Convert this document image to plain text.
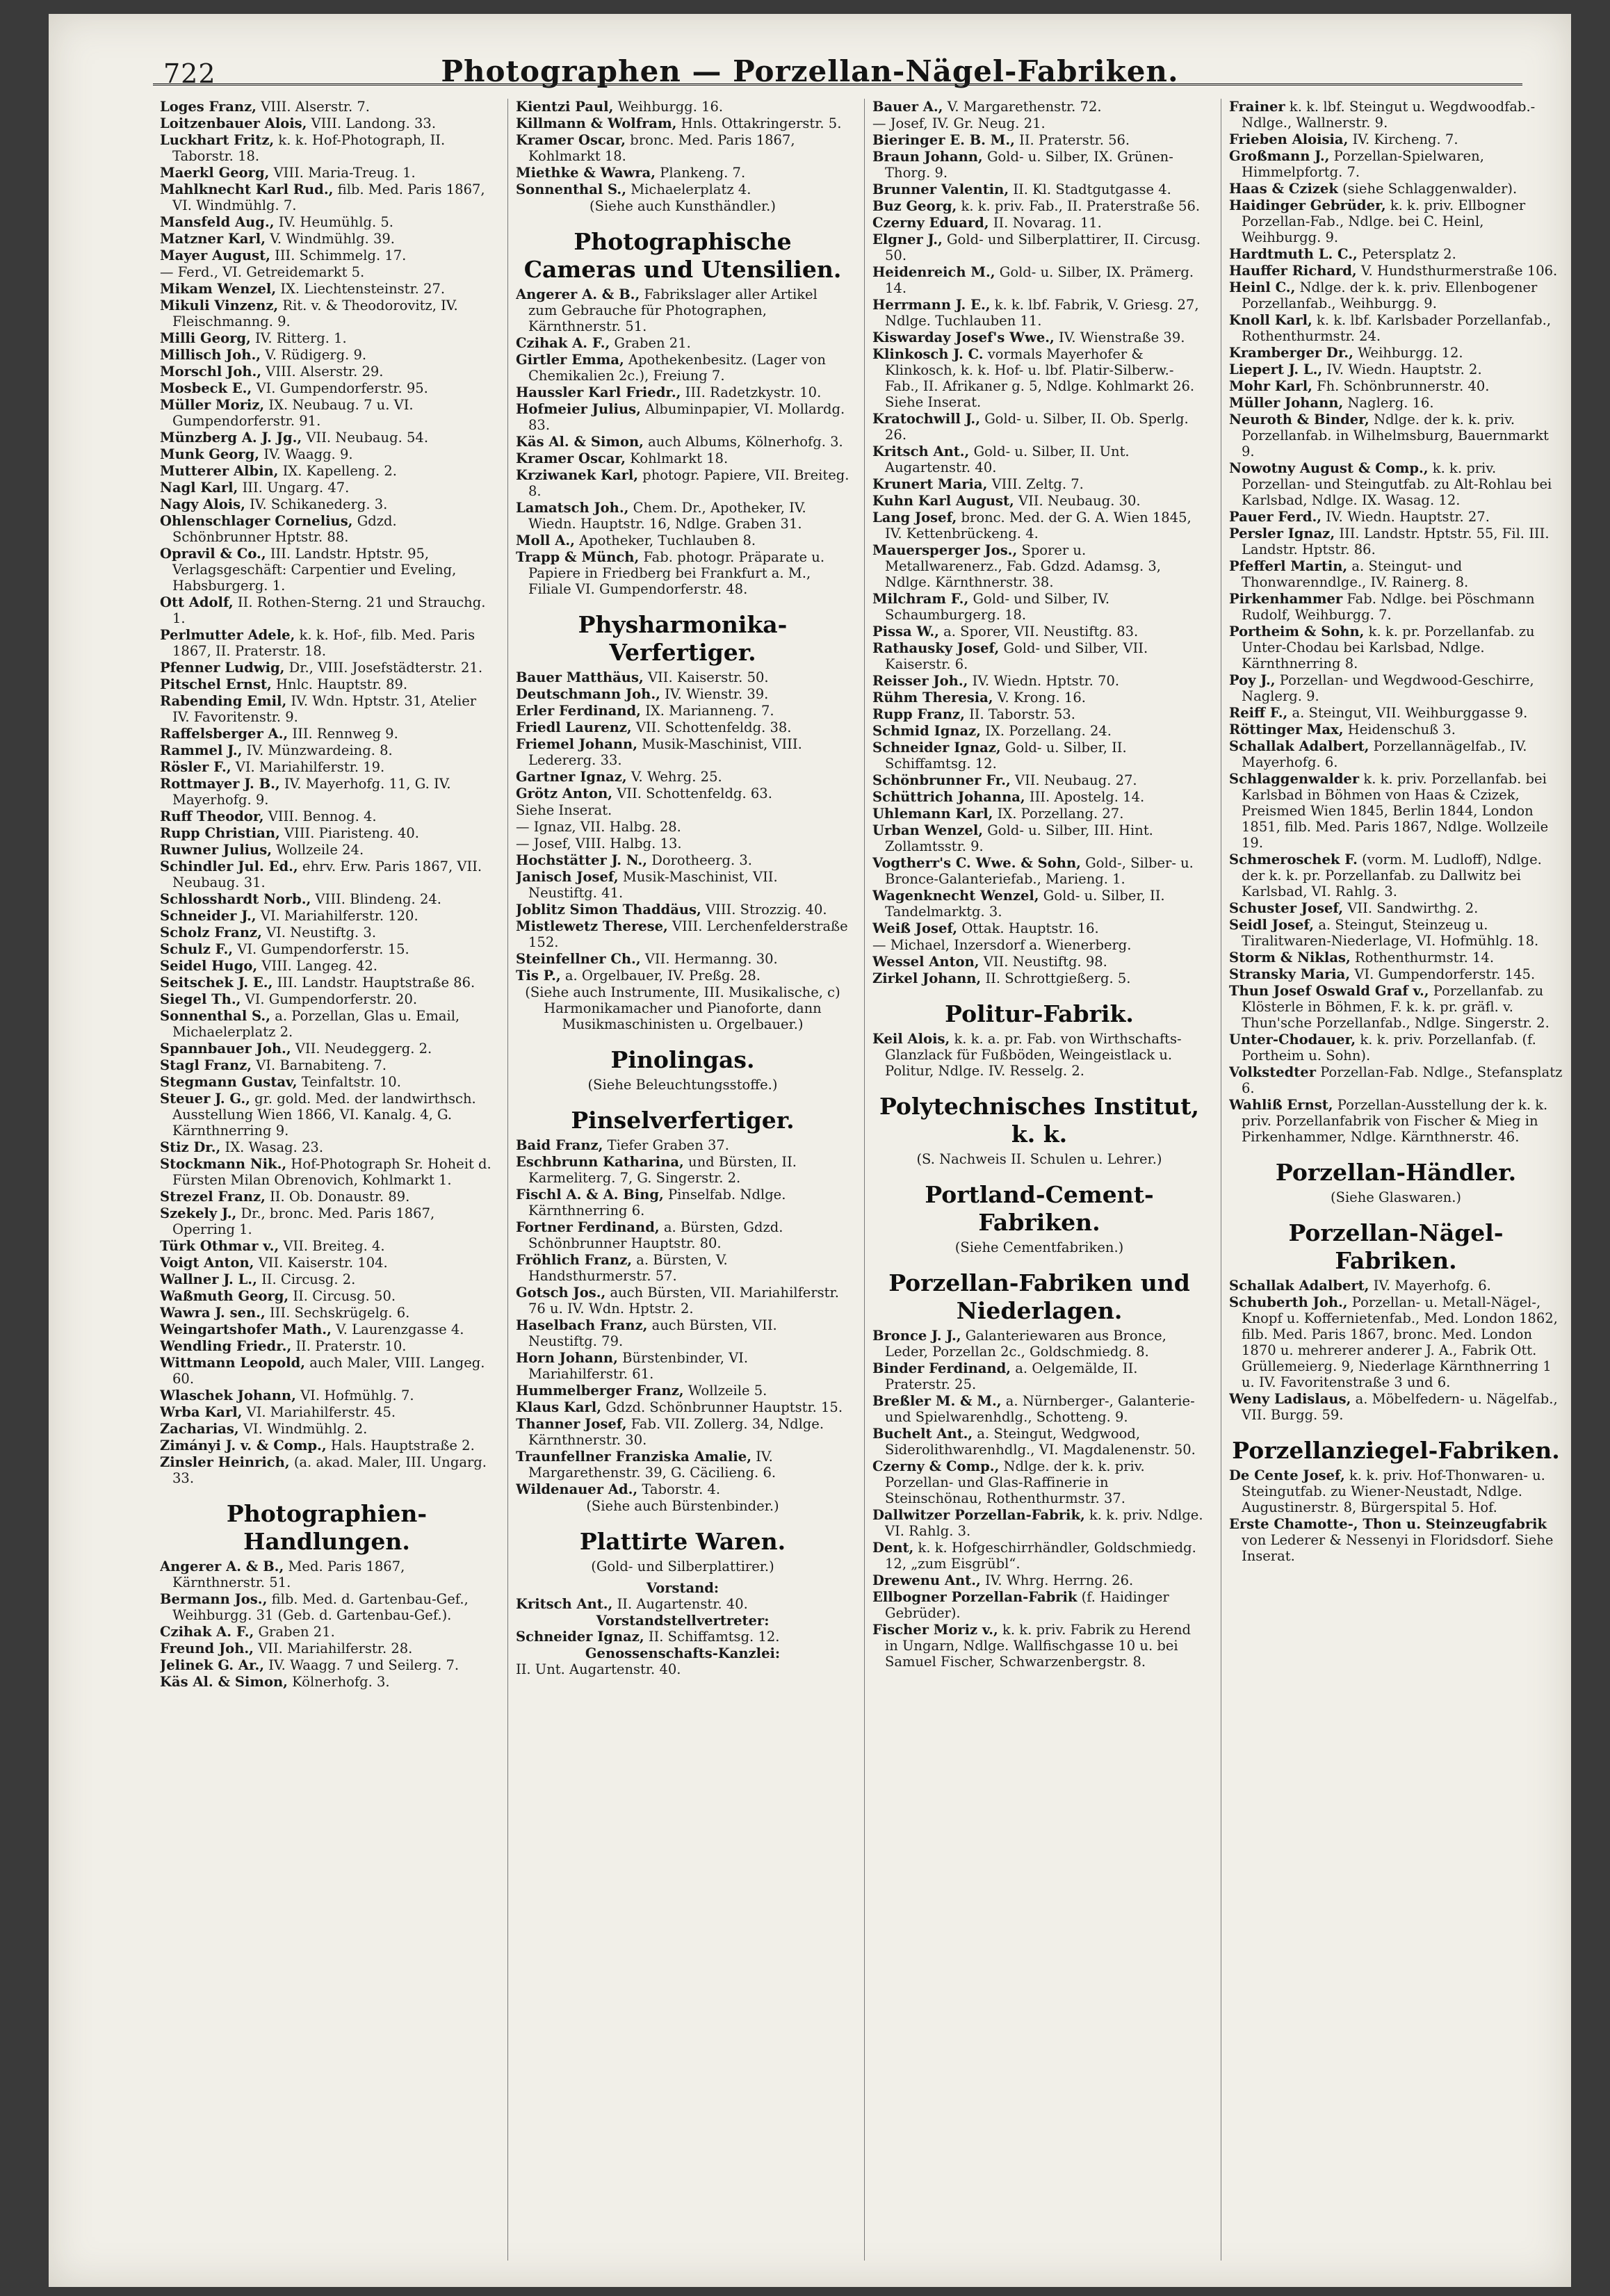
722	Photographen — Porzellan-Nägel-Fabriken.
Loges Franz, VIII. Alserstr. 7.
Loitzenbauer Alois, VIII. Landong. 33.
Luckhart Fritz, k. k. Hof-Photograph, II. Taborstr. 18.
Maerkl Georg, VIII. Maria-Treug. 1.
Mahlknecht Karl Rud., filb. Med. Paris 1867, VI. Windmühlg. 7.
Mansfeld Aug., IV. Heumühlg. 5.
Matzner Karl, V. Windmühlg. 39.
Mayer August, III. Schimmelg. 17.
— Ferd., VI. Getreidemarkt 5.
Mikam Wenzel, IX. Liechtensteinstr. 27.
Mikuli Vinzenz, Rit. v. & Theodorovitz, IV. Fleischmanng. 9.
Milli Georg, IV. Ritterg. 1.
Millisch Joh., V. Rüdigerg. 9.
Morschl Joh., VIII. Alserstr. 29.
Mosbeck E., VI. Gumpendorferstr. 95.
Müller Moriz, IX. Neubaug. 7 u. VI. Gumpendorferstr. 91.
Münzberg A. J. Jg., VII. Neubaug. 54.
Munk Georg, IV. Waagg. 9.
Mutterer Albin, IX. Kapelleng. 2.
Nagl Karl, III. Ungarg. 47.
Nagy Alois, IV. Schikanederg. 3.
Ohlenschlager Cornelius, Gdzd. Schönbrunner Hptstr. 88.
Opravil & Co., III. Landstr. Hptstr. 95, Verlagsgeschäft: Carpentier und Eveling, Habsburgerg. 1.
Ott Adolf, II. Rothen-Sterng. 21 und Strauchg. 1.
Perlmutter Adele, k. k. Hof-, filb. Med. Paris 1867, II. Praterstr. 18.
Pfenner Ludwig, Dr., VIII. Josefstädterstr. 21.
Pitschel Ernst, Hnlc. Hauptstr. 89.
Rabending Emil, IV. Wdn. Hptstr. 31, Atelier IV. Favoritenstr. 9.
Raffelsberger A., III. Rennweg 9.
Rammel J., IV. Münzwardeing. 8.
Rösler F., VI. Mariahilferstr. 19.
Rottmayer J. B., IV. Mayerhofg. 11, G. IV. Mayerhofg. 9.
Ruff Theodor, VIII. Bennog. 4.
Rupp Christian, VIII. Piaristeng. 40.
Ruwner Julius, Wollzeile 24.
Schindler Jul. Ed., ehrv. Erw. Paris 1867, VII. Neubaug. 31.
Schlosshardt Norb., VIII. Blindeng. 24.
Schneider J., VI. Mariahilferstr. 120.
Scholz Franz, VI. Neustiftg. 3.
Schulz F., VI. Gumpendorferstr. 15.
Seidel Hugo, VIII. Langeg. 42.
Seitschek J. E., III. Landstr. Hauptstraße 86.
Siegel Th., VI. Gumpendorferstr. 20.
Sonnenthal S., a. Porzellan, Glas u. Email, Michaelerplatz 2.
Spannbauer Joh., VII. Neudeggerg. 2.
Stagl Franz, VI. Barnabiteng. 7.
Stegmann Gustav, Teinfaltstr. 10.
Steuer J. G., gr. gold. Med. der landwirthsch. Ausstellung Wien 1866, VI. Kanalg. 4, G. Kärnthnerring 9.
Stiz Dr., IX. Wasag. 23.
Stockmann Nik., Hof-Photograph Sr. Hoheit d. Fürsten Milan Obrenovich, Kohlmarkt 1.
Strezel Franz, II. Ob. Donaustr. 89.
Szekely J., Dr., bronc. Med. Paris 1867, Operring 1.
Türk Othmar v., VII. Breiteg. 4.
Voigt Anton, VII. Kaiserstr. 104.
Wallner J. L., II. Circusg. 2.
Waßmuth Georg, II. Circusg. 50.
Wawra J. sen., III. Sechskrügelg. 6.
Weingartshofer Math., V. Laurenzgasse 4.
Wendling Friedr., II. Praterstr. 10.
Wittmann Leopold, auch Maler, VIII. Langeg. 60.
Wlaschek Johann, VI. Hofmühlg. 7.
Wrba Karl, VI. Mariahilferstr. 45.
Zacharias, VI. Windmühlg. 2.
Zimányi J. v. & Comp., Hals. Hauptstraße 2.
Zinsler Heinrich, (a. akad. Maler, III. Ungarg. 33.
Photographien-Handlungen.
Angerer A. & B., Med. Paris 1867, Kärnthnerstr. 51.
Bermann Jos., filb. Med. d. Gartenbau-Gef., Weihburgg. 31 (Geb. d. Gartenbau-Gef.).
Czihak A. F., Graben 21.
Freund Joh., VII. Mariahilferstr. 28.
Jelinek G. Ar., IV. Waagg. 7 und Seilerg. 7.
Käs Al. & Simon, Kölnerhofg. 3.
Kientzi Paul, Weihburgg. 16.
Killmann & Wolfram, Hnls. Ottakringerstr. 5.
Kramer Oscar, bronc. Med. Paris 1867, Kohlmarkt 18.
Miethke & Wawra, Plankeng. 7.
Sonnenthal S., Michaelerplatz 4.
(Siehe auch Kunsthändler.)
Photographische Cameras und Utensilien.
Angerer A. & B., Fabrikslager aller Artikel zum Gebrauche für Photographen, Kärnthnerstr. 51.
Czihak A. F., Graben 21.
Girtler Emma, Apothekenbesitz. (Lager von Chemikalien 2c.), Freiung 7.
Haussler Karl Friedr., III. Radetzkystr. 10.
Hofmeier Julius, Albuminpapier, VI. Mollardg. 83.
Käs Al. & Simon, auch Albums, Kölnerhofg. 3.
Kramer Oscar, Kohlmarkt 18.
Krziwanek Karl, photogr. Papiere, VII. Breiteg. 8.
Lamatsch Joh., Chem. Dr., Apotheker, IV. Wiedn. Hauptstr. 16, Ndlge. Graben 31.
Moll A., Apotheker, Tuchlauben 8.
Trapp & Münch, Fab. photogr. Präparate u. Papiere in Friedberg bei Frankfurt a. M., Filiale VI. Gumpendorferstr. 48.
Physharmonika-Verfertiger.
Bauer Matthäus, VII. Kaiserstr. 50.
Deutschmann Joh., IV. Wienstr. 39.
Erler Ferdinand, IX. Marianneng. 7.
Friedl Laurenz, VII. Schottenfeldg. 38.
Friemel Johann, Musik-Maschinist, VIII. Ledererg. 33.
Gartner Ignaz, V. Wehrg. 25.
Grötz Anton, VII. Schottenfeldg. 63.
Siehe Inserat.
— Ignaz, VII. Halbg. 28.
— Josef, VIII. Halbg. 13.
Hochstätter J. N., Dorotheerg. 3.
Janisch Josef, Musik-Maschinist, VII. Neustiftg. 41.
Joblitz Simon Thaddäus, VIII. Strozzig. 40.
Mistlewetz Therese, VIII. Lerchenfelderstraße 152.
Steinfellner Ch., VII. Hermanng. 30.
Tis P., a. Orgelbauer, IV. Preßg. 28.
(Siehe auch Instrumente, III. Musikalische, c) Harmonikamacher und Pianoforte, dann Musikmaschinisten u. Orgelbauer.)
Pinolingas.
(Siehe Beleuchtungsstoffe.)
Pinselverfertiger.
Baid Franz, Tiefer Graben 37.
Eschbrunn Katharina, und Bürsten, II. Karmeliterg. 7, G. Singerstr. 2.
Fischl A. & A. Bing, Pinselfab. Ndlge. Kärnthnerring 6.
Fortner Ferdinand, a. Bürsten, Gdzd. Schönbrunner Hauptstr. 80.
Fröhlich Franz, a. Bürsten, V. Handsthurmerstr. 57.
Gotsch Jos., auch Bürsten, VII. Mariahilferstr. 76 u. IV. Wdn. Hptstr. 2.
Haselbach Franz, auch Bürsten, VII. Neustiftg. 79.
Horn Johann, Bürstenbinder, VI. Mariahilferstr. 61.
Hummelberger Franz, Wollzeile 5.
Klaus Karl, Gdzd. Schönbrunner Hauptstr. 15.
Thanner Josef, Fab. VII. Zollerg. 34, Ndlge. Kärnthnerstr. 30.
Traunfellner Franziska Amalie, IV. Margarethenstr. 39, G. Cäcilieng. 6.
Wildenauer Ad., Taborstr. 4.
(Siehe auch Bürstenbinder.)
Plattirte Waren.
(Gold- und Silberplattirer.)
Vorstand:
Kritsch Ant., II. Augartenstr. 40.
Vorstandstellvertreter:
Schneider Ignaz, II. Schiffamtsg. 12.
Genossenschafts-Kanzlei:
II. Unt. Augartenstr. 40.
Bauer A., V. Margarethenstr. 72.
— Josef, IV. Gr. Neug. 21.
Bieringer E. B. M., II. Praterstr. 56.
Braun Johann, Gold- u. Silber, IX. Grünen-Thorg. 9.
Brunner Valentin, II. Kl. Stadtgutgasse 4.
Buz Georg, k. k. priv. Fab., II. Praterstraße 56.
Czerny Eduard, II. Novarag. 11.
Elgner J., Gold- und Silberplattirer, II. Circusg. 50.
Heidenreich M., Gold- u. Silber, IX. Prämerg. 14.
Herrmann J. E., k. k. lbf. Fabrik, V. Griesg. 27, Ndlge. Tuchlauben 11.
Kiswarday Josef's Wwe., IV. Wienstraße 39.
Klinkosch J. C. vormals Mayerhofer & Klinkosch, k. k. Hof- u. lbf. Platir-Silberw.-Fab., II. Afrikaner g. 5, Ndlge. Kohlmarkt 26. Siehe Inserat.
Kratochwill J., Gold- u. Silber, II. Ob. Sperlg. 26.
Kritsch Ant., Gold- u. Silber, II. Unt. Augartenstr. 40.
Krunert Maria, VIII. Zeltg. 7.
Kuhn Karl August, VII. Neubaug. 30.
Lang Josef, bronc. Med. der G. A. Wien 1845, IV. Kettenbrückeng. 4.
Mauersperger Jos., Sporer u. Metallwarenerz., Fab. Gdzd. Adamsg. 3, Ndlge. Kärnthnerstr. 38.
Milchram F., Gold- und Silber, IV. Schaumburgerg. 18.
Pissa W., a. Sporer, VII. Neustiftg. 83.
Rathausky Josef, Gold- und Silber, VII. Kaiserstr. 6.
Reisser Joh., IV. Wiedn. Hptstr. 70.
Rühm Theresia, V. Krong. 16.
Rupp Franz, II. Taborstr. 53.
Schmid Ignaz, IX. Porzellang. 24.
Schneider Ignaz, Gold- u. Silber, II. Schiffamtsg. 12.
Schönbrunner Fr., VII. Neubaug. 27.
Schüttrich Johanna, III. Apostelg. 14.
Uhlemann Karl, IX. Porzellang. 27.
Urban Wenzel, Gold- u. Silber, III. Hint. Zollamtsstr. 9.
Vogtherr's C. Wwe. & Sohn, Gold-, Silber- u. Bronce-Galanteriefab., Marieng. 1.
Wagenknecht Wenzel, Gold- u. Silber, II. Tandelmarktg. 3.
Weiß Josef, Ottak. Hauptstr. 16.
— Michael, Inzersdorf a. Wienerberg.
Wessel Anton, VII. Neustiftg. 98.
Zirkel Johann, II. Schrottgießerg. 5.
Politur-Fabrik.
Keil Alois, k. k. a. pr. Fab. von Wirthschafts-Glanzlack für Fußböden, Weingeistlack u. Politur, Ndlge. IV. Resselg. 2.
Polytechnisches Institut, k. k.
(S. Nachweis II. Schulen u. Lehrer.)
Portland-Cement-Fabriken.
(Siehe Cementfabriken.)
Porzellan-Fabriken und Niederlagen.
Bronce J. J., Galanteriewaren aus Bronce, Leder, Porzellan 2c., Goldschmiedg. 8.
Binder Ferdinand, a. Oelgemälde, II. Praterstr. 25.
Breßler M. & M., a. Nürnberger-, Galanterie- und Spielwarenhdlg., Schotteng. 9.
Buchelt Ant., a. Steingut, Wedgwood, Siderolithwarenhdlg., VI. Magdalenenstr. 50.
Czerny & Comp., Ndlge. der k. k. priv. Porzellan- und Glas-Raffinerie in Steinschönau, Rothenthurmstr. 37.
Dallwitzer Porzellan-Fabrik, k. k. priv. Ndlge. VI. Rahlg. 3.
Dent, k. k. Hofgeschirrhändler, Goldschmiedg. 12, „zum Eisgrübl“.
Drewenu Ant., IV. Whrg. Herrng. 26.
Ellbogner Porzellan-Fabrik (f. Haidinger Gebrüder).
Fischer Moriz v., k. k. priv. Fabrik zu Herend in Ungarn, Ndlge. Wallfischgasse 10 u. bei Samuel Fischer, Schwarzenbergstr. 8.
Frainer k. k. lbf. Steingut u. Wegdwoodfab.-Ndlge., Wallnerstr. 9.
Frieben Aloisia, IV. Kircheng. 7.
Großmann J., Porzellan-Spielwaren, Himmelpfortg. 7.
Haas & Czizek (siehe Schlaggenwalder).
Haidinger Gebrüder, k. k. priv. Ellbogner Porzellan-Fab., Ndlge. bei C. Heinl, Weihburgg. 9.
Hardtmuth L. C., Petersplatz 2.
Hauffer Richard, V. Hundsthurmerstraße 106.
Heinl C., Ndlge. der k. k. priv. Ellenbogener Porzellanfab., Weihburgg. 9.
Knoll Karl, k. k. lbf. Karlsbader Porzellanfab., Rothenthurmstr. 24.
Kramberger Dr., Weihburgg. 12.
Liepert J. L., IV. Wiedn. Hauptstr. 2.
Mohr Karl, Fh. Schönbrunnerstr. 40.
Müller Johann, Naglerg. 16.
Neuroth & Binder, Ndlge. der k. k. priv. Porzellanfab. in Wilhelmsburg, Bauernmarkt 9.
Nowotny August & Comp., k. k. priv. Porzellan- und Steingutfab. zu Alt-Rohlau bei Karlsbad, Ndlge. IX. Wasag. 12.
Pauer Ferd., IV. Wiedn. Hauptstr. 27.
Persler Ignaz, III. Landstr. Hptstr. 55, Fil. III. Landstr. Hptstr. 86.
Pfefferl Martin, a. Steingut- und Thonwarenndlge., IV. Rainerg. 8.
Pirkenhammer Fab. Ndlge. bei Pöschmann Rudolf, Weihburgg. 7.
Portheim & Sohn, k. k. pr. Porzellanfab. zu Unter-Chodau bei Karlsbad, Ndlge. Kärnthnerring 8.
Poy J., Porzellan- und Wegdwood-Geschirre, Naglerg. 9.
Reiff F., a. Steingut, VII. Weihburggasse 9.
Röttinger Max, Heidenschuß 3.
Schallak Adalbert, Porzellannägelfab., IV. Mayerhofg. 6.
Schlaggenwalder k. k. priv. Porzellanfab. bei Karlsbad in Böhmen von Haas & Czizek, Preismed Wien 1845, Berlin 1844, London 1851, filb. Med. Paris 1867, Ndlge. Wollzeile 19.
Schmeroschek F. (vorm. M. Ludloff), Ndlge. der k. k. pr. Porzellanfab. zu Dallwitz bei Karlsbad, VI. Rahlg. 3.
Schuster Josef, VII. Sandwirthg. 2.
Seidl Josef, a. Steingut, Steinzeug u. Tiralitwaren-Niederlage, VI. Hofmühlg. 18.
Storm & Niklas, Rothenthurmstr. 14.
Stransky Maria, VI. Gumpendorferstr. 145.
Thun Josef Oswald Graf v., Porzellanfab. zu Klösterle in Böhmen, F. k. k. pr. gräfl. v. Thun'sche Porzellanfab., Ndlge. Singerstr. 2.
Unter-Chodauer, k. k. priv. Porzellanfab. (f. Portheim u. Sohn).
Volkstedter Porzellan-Fab. Ndlge., Stefansplatz 6.
Wahliß Ernst, Porzellan-Ausstellung der k. k. priv. Porzellanfabrik von Fischer & Mieg in Pirkenhammer, Ndlge. Kärnthnerstr. 46.
Porzellan-Händler.
(Siehe Glaswaren.)
Porzellan-Nägel-Fabriken.
Schallak Adalbert, IV. Mayerhofg. 6.
Schuberth Joh., Porzellan- u. Metall-Nägel-, Knopf u. Koffernietenfab., Med. London 1862, filb. Med. Paris 1867, bronc. Med. London 1870 u. mehrerer anderer J. A., Fabrik Ott. Grüllemeierg. 9, Niederlage Kärnthnerring 1 u. IV. Favoritenstraße 3 und 6.
Weny Ladislaus, a. Möbelfedern- u. Nägelfab., VII. Burgg. 59.
Porzellanziegel-Fabriken.
De Cente Josef, k. k. priv. Hof-Thonwaren- u. Steingutfab. zu Wiener-Neustadt, Ndlge. Augustinerstr. 8, Bürgerspital 5. Hof.
Erste Chamotte-, Thon u. Steinzeugfabrik von Lederer & Nessenyi in Floridsdorf. Siehe Inserat.
